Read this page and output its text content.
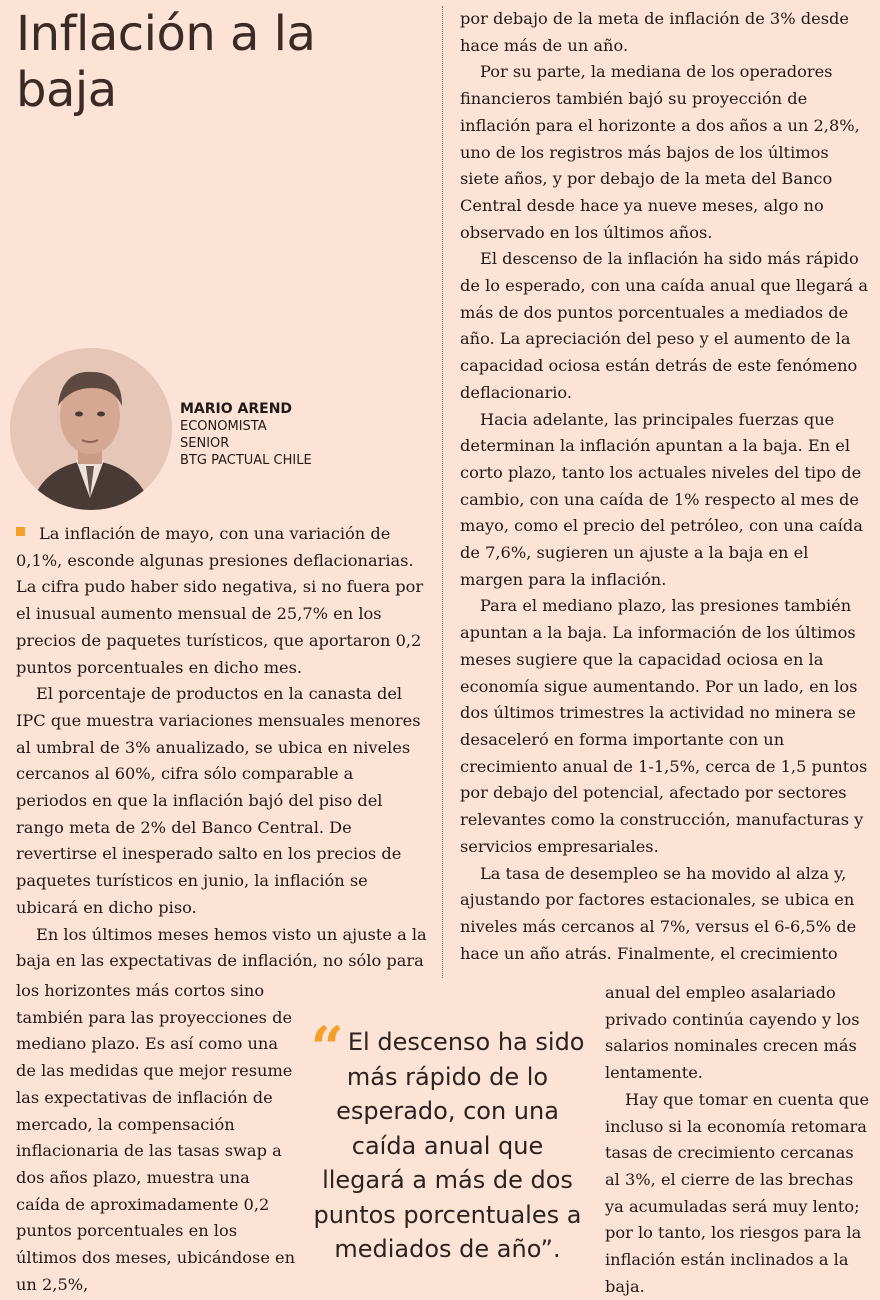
Inflación a la baja
MARIO AREND
ECONOMISTA
SENIOR
BTG PACTUAL CHILE

La inflación de mayo, con una variación de 0,1%, esconde algunas presiones deflacionarias. La cifra pudo haber sido negativa, si no fuera por el inusual aumento mensual de 25,7% en los precios de paquetes turísticos, que aportaron 0,2 puntos porcentuales en dicho mes.

El porcentaje de productos en la canasta del IPC que muestra variaciones mensuales menores al umbral de 3% anualizado, se ubica en niveles cercanos al 60%, cifra sólo comparable a periodos en que la inflación bajó del piso del rango meta de 2% del Banco Central. De revertirse el inesperado salto en los precios de paquetes turísticos en junio, la inflación se ubicará en dicho piso.

En los últimos meses hemos visto un ajuste a la baja en las expectativas de inflación, no sólo para

los horizontes más cortos sino también para las proyecciones de mediano plazo. Es así como una de las medidas que mejor resume las expectativas de inflación de mercado, la compensación inflacionaria de las tasas swap a dos años plazo, muestra una caída de aproximadamente 0,2 puntos porcentuales en los últimos dos meses, ubicándose en un 2,5%,

por debajo de la meta de inflación de 3% desde hace más de un año.

Por su parte, la mediana de los operadores financieros también bajó su proyección de inflación para el horizonte a dos años a un 2,8%, uno de los registros más bajos de los últimos siete años, y por debajo de la meta del Banco Central desde hace ya nueve meses, algo no observado en los últimos años.

El descenso de la inflación ha sido más rápido de lo esperado, con una caída anual que llegará a más de dos puntos porcentuales a mediados de año. La apreciación del peso y el aumento de la capacidad ociosa están detrás de este fenómeno deflacionario.

Hacia adelante, las principales fuerzas que determinan la inflación apuntan a la baja. En el corto plazo, tanto los actuales niveles del tipo de cambio, con una caída de 1% respecto al mes de mayo, como el precio del petróleo, con una caída de 7,6%, sugieren un ajuste a la baja en el margen para la inflación.

Para el mediano plazo, las presiones también apuntan a la baja. La información de los últimos meses sugiere que la capacidad ociosa en la economía sigue aumentando. Por un lado, en los dos últimos trimestres la actividad no minera se desaceleró en forma importante con un crecimiento anual de 1-1,5%, cerca de 1,5 puntos por debajo del potencial, afectado por sectores relevantes como la construcción, manufacturas y servicios empresariales.

La tasa de desempleo se ha movido al alza y, ajustando por factores estacionales, se ubica en niveles más cercanos al 7%, versus el 6-6,5% de hace un año atrás. Finalmente, el crecimiento

anual del empleo asalariado privado continúa cayendo y los salarios nominales crecen más lentamente.

Hay que tomar en cuenta que incluso si la economía retomara tasas de crecimiento cercanas al 3%, el cierre de las brechas ya acumuladas será muy lento; por lo tanto, los riesgos para la inflación están inclinados a la baja.

“ El descenso ha sido más rápido de lo esperado, con una caída anual que llegará a más de dos puntos porcentuales a mediados de año”.
